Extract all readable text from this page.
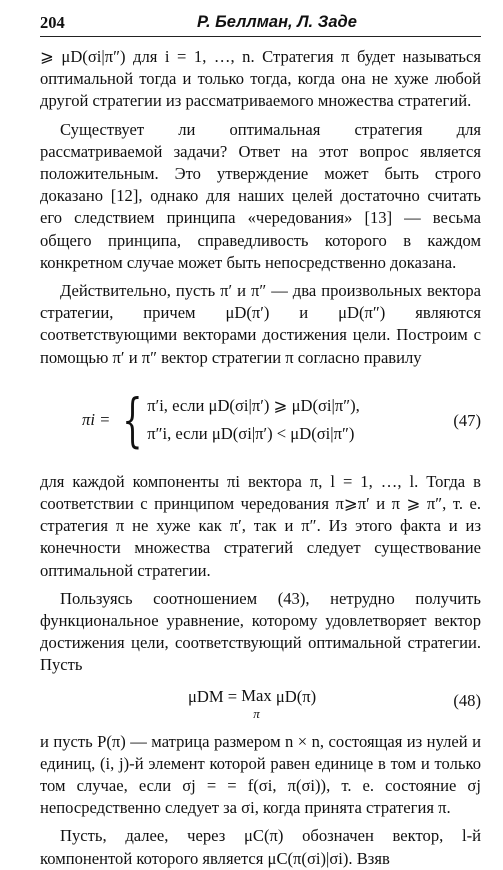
204	Р. Беллман, Л. Заде

⩾ μD(σi|π″) для i = 1, …, n. Стратегия π будет называться оптимальной тогда и только тогда, когда она не хуже любой другой стратегии из рассматриваемого множества стратегий.

Существует ли оптимальная стратегия для рассматриваемой задачи? Ответ на этот вопрос является положительным. Это утверждение может быть строго доказано [12], однако для наших целей достаточно считать его следствием принципа «чередования» [13] — весьма общего принципа, справедливость которого в каждом конкретном случае может быть непосредственно доказана.

Действительно, пусть π′ и π″ — два произвольных вектора стратегии, причем μD(π′) и μD(π″) являются соответствующими векторами достижения цели. Построим с помощью π′ и π″ вектор стратегии π согласно правилу

πi = { π′i, если μD(σi|π′) ⩾ μD(σi|π″),
π″i, если μD(σi|π′) < μD(σi|π″)
(47)

для каждой компоненты πi вектора π, l = 1, …, l. Тогда в соответствии с принципом чередования π⩾π′ и π ⩾ π″, т. е. стратегия π не хуже как π′, так и π″. Из этого факта и из конечности множества стратегий следует существование оптимальной стратегии.

Пользуясь соотношением (43), нетрудно получить функциональное уравнение, которому удовлетворяет вектор достижения цели, соответствующий оптимальной стратегии. Пусть

μDM = Max
π
μD(π)	(48)

и пусть P(π) — матрица размером n × n, состоящая из нулей и единиц, (i, j)-й элемент которой равен единице в том и только том случае, если σj = = f(σi, π(σi)), т. е. состояние σj непосредственно следует за σi, когда принята стратегия π.

Пусть, далее, через μC(π) обозначен вектор, l-й компонентой которого является μC(π(σi)|σi). Взяв
